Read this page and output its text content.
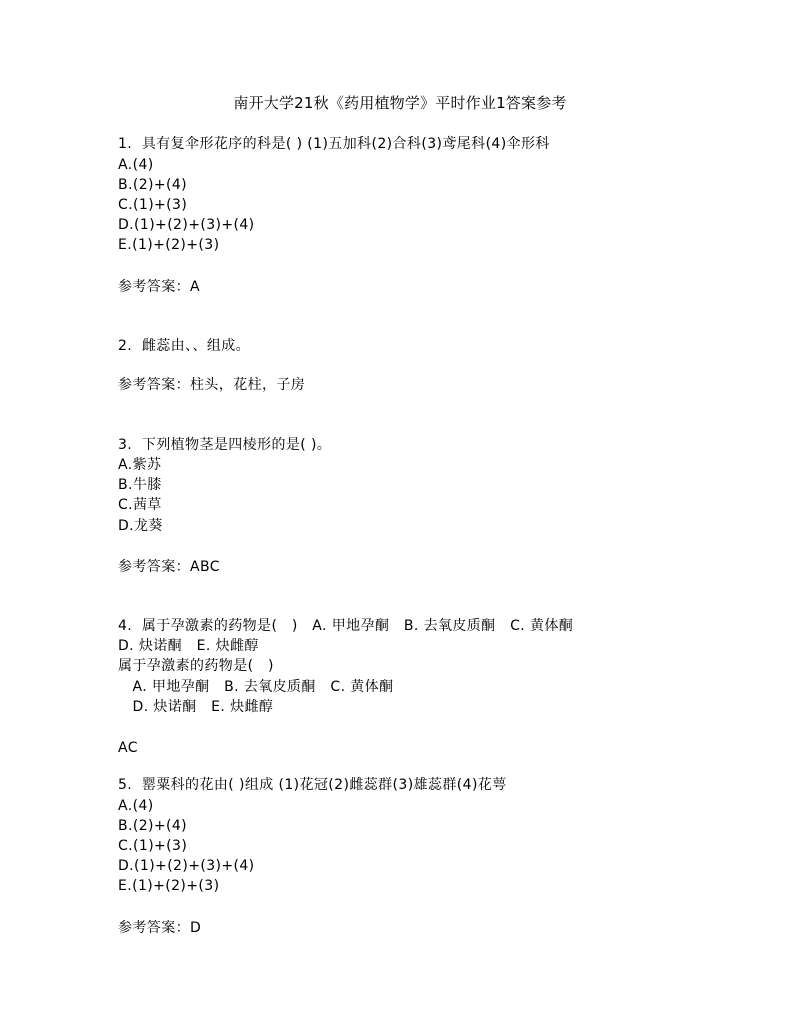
南开大学21秋《药用植物学》平时作业1答案参考
1.  具有复伞形花序的科是( ) (1)五加科(2)合科(3)鸢尾科(4)伞形科
A.(4)
B.(2)+(4)
C.(1)+(3)
D.(1)+(2)+(3)+(4)
E.(1)+(2)+(3)
参考答案：A
2.  雌蕊由、、组成。
参考答案：柱头，花柱，子房
3.  下列植物茎是四棱形的是( )。
A.紫苏
B.牛膝
C.茜草
D.龙葵
参考答案：ABC
4.  属于孕激素的药物是(   )   A. 甲地孕酮   B. 去氧皮质酮   C. 黄体酮
D. 炔诺酮   E. 炔雌醇
属于孕激素的药物是(   )
A. 甲地孕酮   B. 去氧皮质酮   C. 黄体酮
D. 炔诺酮   E. 炔雌醇
AC
5.  罂粟科的花由( )组成 (1)花冠(2)雌蕊群(3)雄蕊群(4)花萼
A.(4)
B.(2)+(4)
C.(1)+(3)
D.(1)+(2)+(3)+(4)
E.(1)+(2)+(3)
参考答案：D
